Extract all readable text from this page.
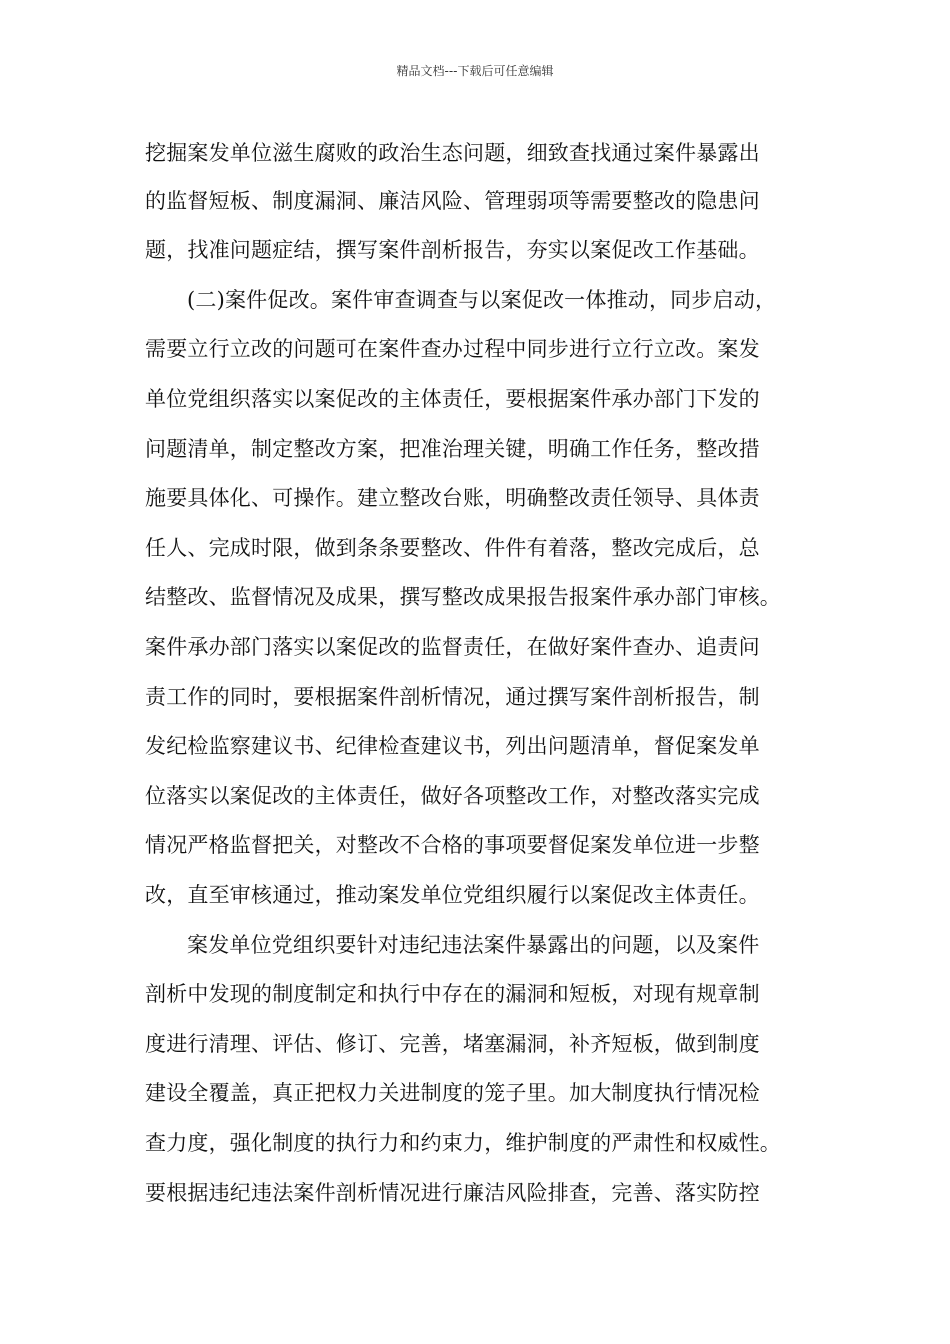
精品文档---下载后可任意编辑
挖掘案发单位滋生腐败的政治生态问题，细致查找通过案件暴露出
的监督短板、制度漏洞、廉洁风险、管理弱项等需要整改的隐患问
题，找准问题症结，撰写案件剖析报告，夯实以案促改工作基础。
(二)案件促改。案件审查调查与以案促改一体推动，同步启动，
需要立行立改的问题可在案件查办过程中同步进行立行立改。案发
单位党组织落实以案促改的主体责任，要根据案件承办部门下发的
问题清单，制定整改方案，把准治理关键，明确工作任务，整改措
施要具体化、可操作。建立整改台账，明确整改责任领导、具体责
任人、完成时限，做到条条要整改、件件有着落，整改完成后，总
结整改、监督情况及成果，撰写整改成果报告报案件承办部门审核。
案件承办部门落实以案促改的监督责任，在做好案件查办、追责问
责工作的同时，要根据案件剖析情况，通过撰写案件剖析报告，制
发纪检监察建议书、纪律检查建议书，列出问题清单，督促案发单
位落实以案促改的主体责任，做好各项整改工作，对整改落实完成
情况严格监督把关，对整改不合格的事项要督促案发单位进一步整
改，直至审核通过，推动案发单位党组织履行以案促改主体责任。
案发单位党组织要针对违纪违法案件暴露出的问题，以及案件
剖析中发现的制度制定和执行中存在的漏洞和短板，对现有规章制
度进行清理、评估、修订、完善，堵塞漏洞，补齐短板，做到制度
建设全覆盖，真正把权力关进制度的笼子里。加大制度执行情况检
查力度，强化制度的执行力和约束力，维护制度的严肃性和权威性。
要根据违纪违法案件剖析情况进行廉洁风险排查，完善、落实防控
